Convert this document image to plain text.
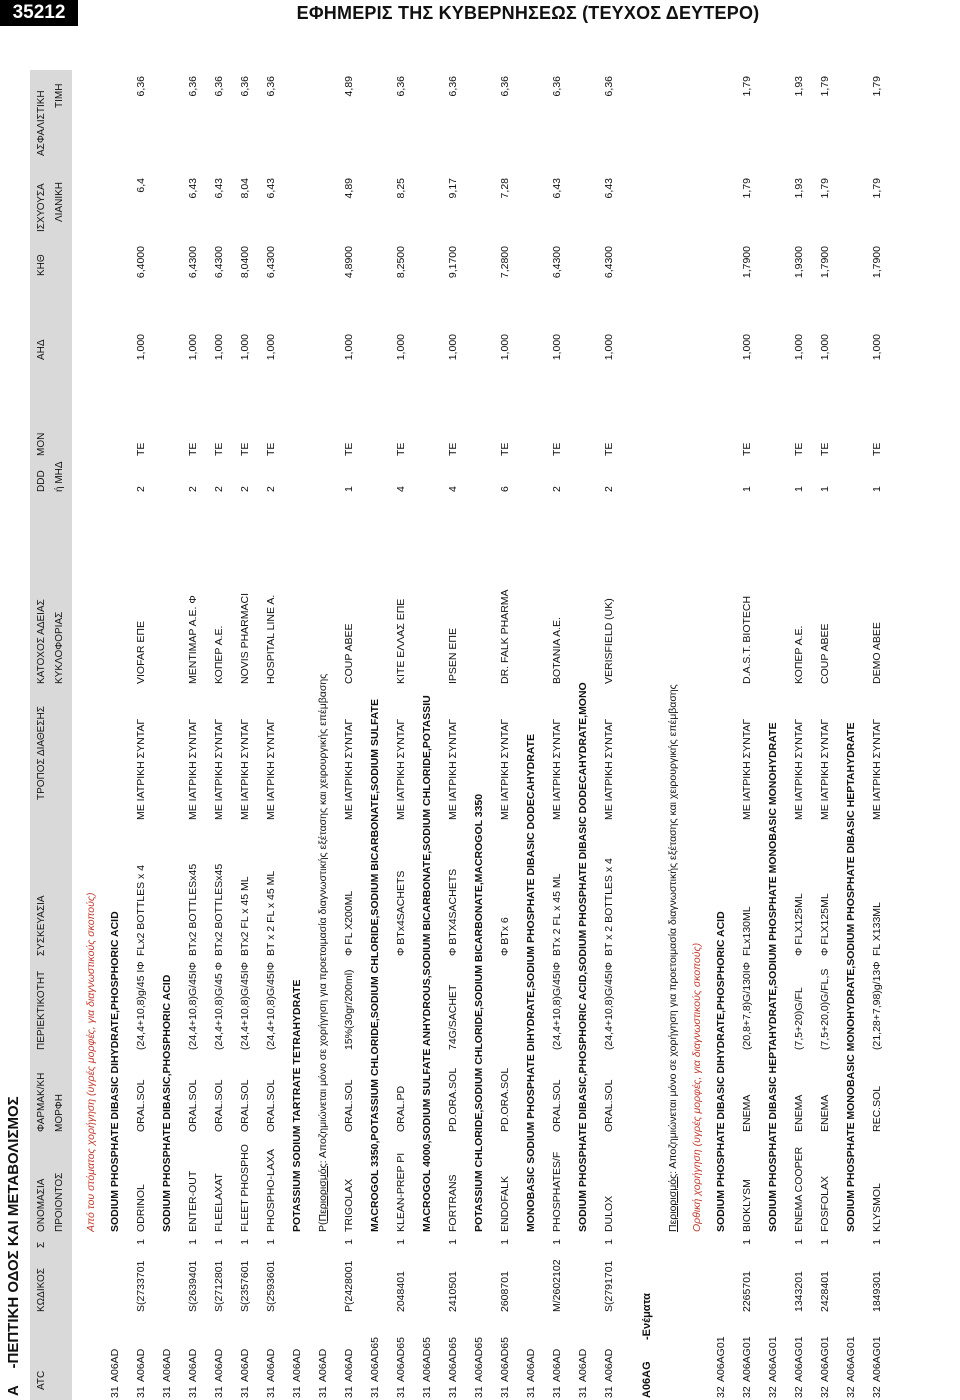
35212	ΕΦΗΜΕΡΙΣ ΤΗΣ ΚΥΒΕΡΝΗΣΕΩΣ (ΤΕΥΧΟΣ ΔΕΥΤΕΡΟ)
A    -ΠΕΠΤΙΚΗ ΟΔΟΣ ΚΑΙ ΜΕΤΑΒΟΛΙΣΜΟΣ
ATC
ΚΩΔΙΚΟΣ
Σ
ΟΝΟΜΑΣΙΑ ΠΡΟΙΟΝΤΟΣ
ΦΑΡΜΑΚ/ΚΗ ΜΟΡΦΗ
ΠΕΡΙΕΚΤΙΚΟΤΗΤ
ΣΥΣΚΕΥΑΣΙΑ
ΤΡΟΠΟΣ ΔΙΑΘΕΣΗΣ
ΚΑΤΟΧΟΣ ΑΔΕΙΑΣ ΚΥΚΛΟΦΟΡΙΑΣ
DDD
MON
ή ΜΗΔ
ΑΗΔ
ΚΗΘ
ΙΣΧΥΟΥΣΑ ΛΙΑΝΙΚΗ
ΑΣΦΑΛΙΣΤΙΚΗ ΤΙΜΗ
Από του στόματος χορήγηση (υγρές μορφές, για διαγνωστικούς σκοπούς)
31
A06AD
SODIUM PHOSPHATE DIBASIC DIHYDRATE,PHOSPHORIC ACID
31
A06AD
S(2733701
1
ODRINOL
ORAL.SOL
(24,4+10,8)g/45 ΙΦ
FLx2 BOTTLES x 4
ΜΕ ΙΑΤΡΙΚΗ ΣΥΝΤΑΓ
VIOFAR ΕΠΕ
2
TE
1,000
6,4000
6,4
6,36
31
A06AD
SODIUM PHOSPHATE DIBASIC,PHOSPHORIC ACID
31
A06AD
S(2639401
1
ENTER-OUT
ORAL.SOL
(24,4+10,8)G/45ΙΦ
BTx2 BOTTLESx45
ΜΕ ΙΑΤΡΙΚΗ ΣΥΝΤΑΓ
ΜΕΝΤΙΜΑΡ Α.Ε. Φ
2
TE
1,000
6,4300
6,43
6,36
31
A06AD
S(2712801
1
FLEELAXAT
ORAL.SOL
(24,4+10,8)G/45 Φ
BTx2 BOTTLESx45
ΜΕ ΙΑΤΡΙΚΗ ΣΥΝΤΑΓ
ΚΟΠΕΡ Α.Ε.
2
TE
1,000
6,4300
6,43
6,36
31
A06AD
S(2357601
1
FLEET PHOSPHO
ORAL.SOL
(24,4+10,8)G/45ΙΦ
BTx2 FL x 45 ML
ΜΕ ΙΑΤΡΙΚΗ ΣΥΝΤΑΓ
NOVIS PHARMACI
2
TE
1,000
8,0400
8,04
6,36
31
A06AD
S(2593601
1
PHOSPHO-LAXA
ORAL.SOL
(24,4+10,8)G/45ΙΦ
BT x 2 FL x 45 ML
ΜΕ ΙΑΤΡΙΚΗ ΣΥΝΤΑΓ
HOSPITAL LINE A.
2
TE
1,000
6,4300
6,43
6,36
31
A06AD
POTASSIUM SODIUM TARTRATE TETRAHYDRATE
31
A06AD
P(Περιορισμός: Αποζημιώνεται μόνο σε χορήγηση για προετοιμασία διαγνωστικής εξέτασης και χειρουργικής επέμβασης
31
A06AD
P(2428001
1
TRIGOLAX
ORAL.SOL
15%(30gr/200ml)
Φ FL X200ML
ΜΕ ΙΑΤΡΙΚΗ ΣΥΝΤΑΓ
COUP ABEE
1
TE
1,000
4,8900
4,89
4,89
31
A06AD65
MACROGOL 3350,POTASSIUM CHLORIDE,SODIUM CHLORIDE,SODIUM BICARBONATE,SODIUM SULFATE
31
A06AD65
2048401
1
KLEAN-PREP PI
ORAL.PD
Φ BTx4SACHETS
ΜΕ ΙΑΤΡΙΚΗ ΣΥΝΤΑΓ
ΚΙΤΕ ΕΛΛΑΣ ΕΠΕ
4
TE
1,000
8,2500
8,25
6,36
31
A06AD65
MACROGOL 4000,SODIUM SULFATE ANHYDROUS,SODIUM BICARBONATE,SODIUM CHLORIDE,POTASSIU
31
A06AD65
2410501
1
FORTRANS
PD.ORA.SOL
74G/SACHET
Φ BTX4SACHETS
ΜΕ ΙΑΤΡΙΚΗ ΣΥΝΤΑΓ
IPSEN ΕΠΕ
4
TE
1,000
9,1700
9,17
6,36
31
A06AD65
POTASSIUM CHLORIDE,SODIUM CHLORIDE,SODIUM BICARBONATE,MACROGOL 3350
31
A06AD65
2608701
1
ENDOFALK
PD.ORA.SOL
Φ BTx 6
ΜΕ ΙΑΤΡΙΚΗ ΣΥΝΤΑΓ
DR. FALK PHARMA
6
TE
1,000
7,2800
7,28
6,36
31
A06AD
MONOBASIC SODIUM PHOSPHATE DIHYDRATE,SODIUM PHOSPHATE DIBASIC DODECAHYDRATE
31
A06AD
M/2602102
1
PHOSPHATES/F
ORAL.SOL
(24,4+10,8)G/45ΙΦ
BTx 2 FL x 45 ML
ΜΕ ΙΑΤΡΙΚΗ ΣΥΝΤΑΓ
BOTANIA A.E.
2
TE
1,000
6,4300
6,43
6,36
31
A06AD
SODIUM PHOSPHATE DIBASIC,PHOSPHORIC ACID,SODIUM PHOSPHATE DIBASIC DODECAHYDRATE,MONO
31
A06AD
S(2791701
1
DULOX
ORAL.SOL
(24,4+10,8)G/45ΙΦ
BT x 2 BOTTLES x 4
ΜΕ ΙΑΤΡΙΚΗ ΣΥΝΤΑΓ
VERISFIELD (UK)
2
TE
1,000
6,4300
6,43
6,36
A06AG
-Ενέματα
Περιορισμός: Αποζημιώνεται μόνο σε χορήγηση για προετοιμασία διαγνωστικής εξέτασης και χειρουργικής επέμβασης Ορθική χορήγηση (υγρές μορφές, για διαγνωστικούς σκοπούς)
32
A06AG01
SODIUM PHOSPHATE DIBASIC DIHYDRATE,PHOSPHORIC ACID
32
A06AG01
2265701
1
BIOKLYSM
ENEMA
(20,8+7,8)G/130ΙΦ
FLx130ML
ΜΕ ΙΑΤΡΙΚΗ ΣΥΝΤΑΓ
D.A.S.T. BIOTECH
1
TE
1,000
1,7900
1,79
1,79
32
A06AG01
SODIUM PHOSPHATE DIBASIC HEPTAHYDRATE,SODIUM PHOSPHATE MONOBASIC MONOHYDRATE
32
A06AG01
1343201
1
ENEMA COOPER
ENEMA
(7,5+20)G/FL
Φ FLX125ML
ΜΕ ΙΑΤΡΙΚΗ ΣΥΝΤΑΓ
ΚΟΠΕΡ Α.Ε.
1
TE
1,000
1,9300
1,93
1,93
32
A06AG01
2428401
1
FOSFOLAX
ENEMA
(7,5+20,0)G/FL,S
Φ FLX125ML
ΜΕ ΙΑΤΡΙΚΗ ΣΥΝΤΑΓ
COUP ABEE
1
TE
1,000
1,7900
1,79
1,79
32
A06AG01
SODIUM PHOSPHATE MONOBASIC MONOHYDRATE,SODIUM PHOSPHATE DIBASIC HEPTAHYDRATE
32
A06AG01
1849301
1
KLYSMOL
REC.SOL
(21,28+7,98)g/13Φ
FL X133ML
ΜΕ ΙΑΤΡΙΚΗ ΣΥΝΤΑΓ
DEMO ABEE
1
TE
1,000
1,7900
1,79
1,79
